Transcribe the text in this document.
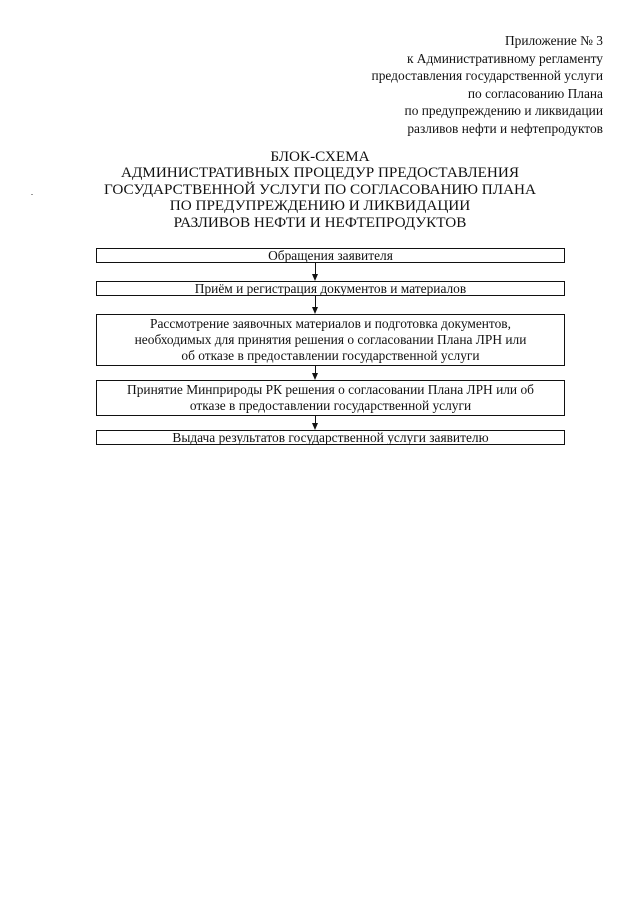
Приложение № 3
к Административному регламенту
предоставления государственной услуги
по согласованию Плана
по предупреждению и ликвидации
разливов нефти и нефтепродуктов
БЛОК-СХЕМА
АДМИНИСТРАТИВНЫХ ПРОЦЕДУР ПРЕДОСТАВЛЕНИЯ
ГОСУДАРСТВЕННОЙ УСЛУГИ ПО СОГЛАСОВАНИЮ ПЛАНА
ПО ПРЕДУПРЕЖДЕНИЮ И ЛИКВИДАЦИИ
РАЗЛИВОВ НЕФТИ И НЕФТЕПРОДУКТОВ
Обращения заявителя
Приём и регистрация документов и материалов
Рассмотрение заявочных материалов и подготовка документов,
необходимых для принятия решения о согласовании Плана ЛРН или
об отказе в предоставлении государственной услуги
Принятие Минприроды РК решения о согласовании Плана ЛРН или об
отказе в предоставлении государственной услуги
Выдача результатов государственной услуги заявителю
